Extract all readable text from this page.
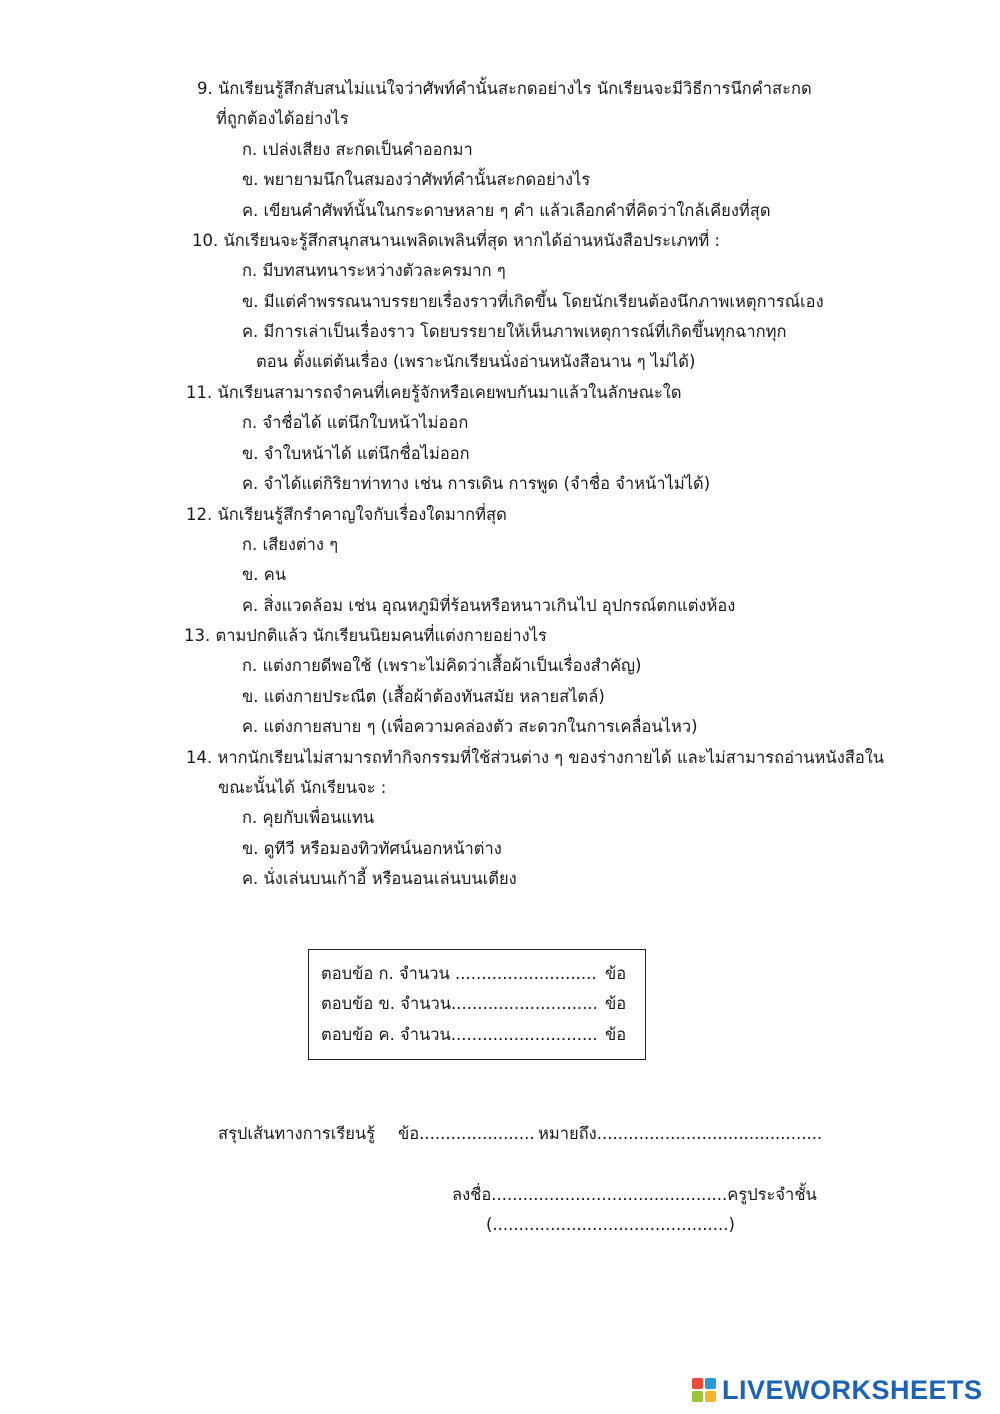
9. นักเรียนรู้สึกสับสนไม่แน่ใจว่าศัพท์คำนั้นสะกดอย่างไร นักเรียนจะมีวิธีการนึกคำสะกด
ที่ถูกต้องได้อย่างไร
ก. เปล่งเสียง สะกดเป็นคำออกมา
ข. พยายามนึกในสมองว่าศัพท์คำนั้นสะกดอย่างไร
ค. เขียนคำศัพท์นั้นในกระดาษหลาย ๆ คำ แล้วเลือกคำที่คิดว่าใกล้เคียงที่สุด
10. นักเรียนจะรู้สึกสนุกสนานเพลิดเพลินที่สุด หากได้อ่านหนังสือประเภทที่ :
ก. มีบทสนทนาระหว่างตัวละครมาก ๆ
ข. มีแต่คำพรรณนาบรรยายเรื่องราวที่เกิดขึ้น โดยนักเรียนต้องนึกภาพเหตุการณ์เอง
ค. มีการเล่าเป็นเรื่องราว โดยบรรยายให้เห็นภาพเหตุการณ์ที่เกิดขึ้นทุกฉากทุก
ตอน ตั้งแต่ต้นเรื่อง (เพราะนักเรียนนั่งอ่านหนังสือนาน ๆ ไม่ได้)
11. นักเรียนสามารถจำคนที่เคยรู้จักหรือเคยพบกันมาแล้วในลักษณะใด
ก. จำชื่อได้ แต่นึกใบหน้าไม่ออก
ข. จำใบหน้าได้ แต่นึกชื่อไม่ออก
ค. จำได้แต่กิริยาท่าทาง เช่น การเดิน การพูด (จำชื่อ จำหน้าไม่ได้)
12. นักเรียนรู้สึกรำคาญใจกับเรื่องใดมากที่สุด
ก. เสียงต่าง ๆ
ข. คน
ค. สิ่งแวดล้อม เช่น อุณหภูมิที่ร้อนหรือหนาวเกินไป อุปกรณ์ตกแต่งห้อง
13. ตามปกติแล้ว นักเรียนนิยมคนที่แต่งกายอย่างไร
ก. แต่งกายดีพอใช้ (เพราะไม่คิดว่าเสื้อผ้าเป็นเรื่องสำคัญ)
ข. แต่งกายประณีต (เสื้อผ้าต้องทันสมัย หลายสไตล์)
ค. แต่งกายสบาย ๆ (เพื่อความคล่องตัว สะดวกในการเคลื่อนไหว)
14. หากนักเรียนไม่สามารถทำกิจกรรมที่ใช้ส่วนต่าง ๆ ของร่างกายได้ และไม่สามารถอ่านหนังสือใน
ขณะนั้นได้ นักเรียนจะ :
ก. คุยกับเพื่อนแทน
ข. ดูทีวี หรือมองทิวทัศน์นอกหน้าต่าง
ค. นั่งเล่นบนเก้าอี้ หรือนอนเล่นบนเตียง
ตอบข้อ ก. จำนวน ........................... ข้อ
ตอบข้อ ข. จำนวน............................ ข้อ
ตอบข้อ ค. จำนวน............................ ข้อ
สรุปเส้นทางการเรียนรู้ ข้อ...................... หมายถึง...........................................
ลงชื่อ.............................................ครูประจำชั้น
(.............................................)
LIVEWORKSHEETS
